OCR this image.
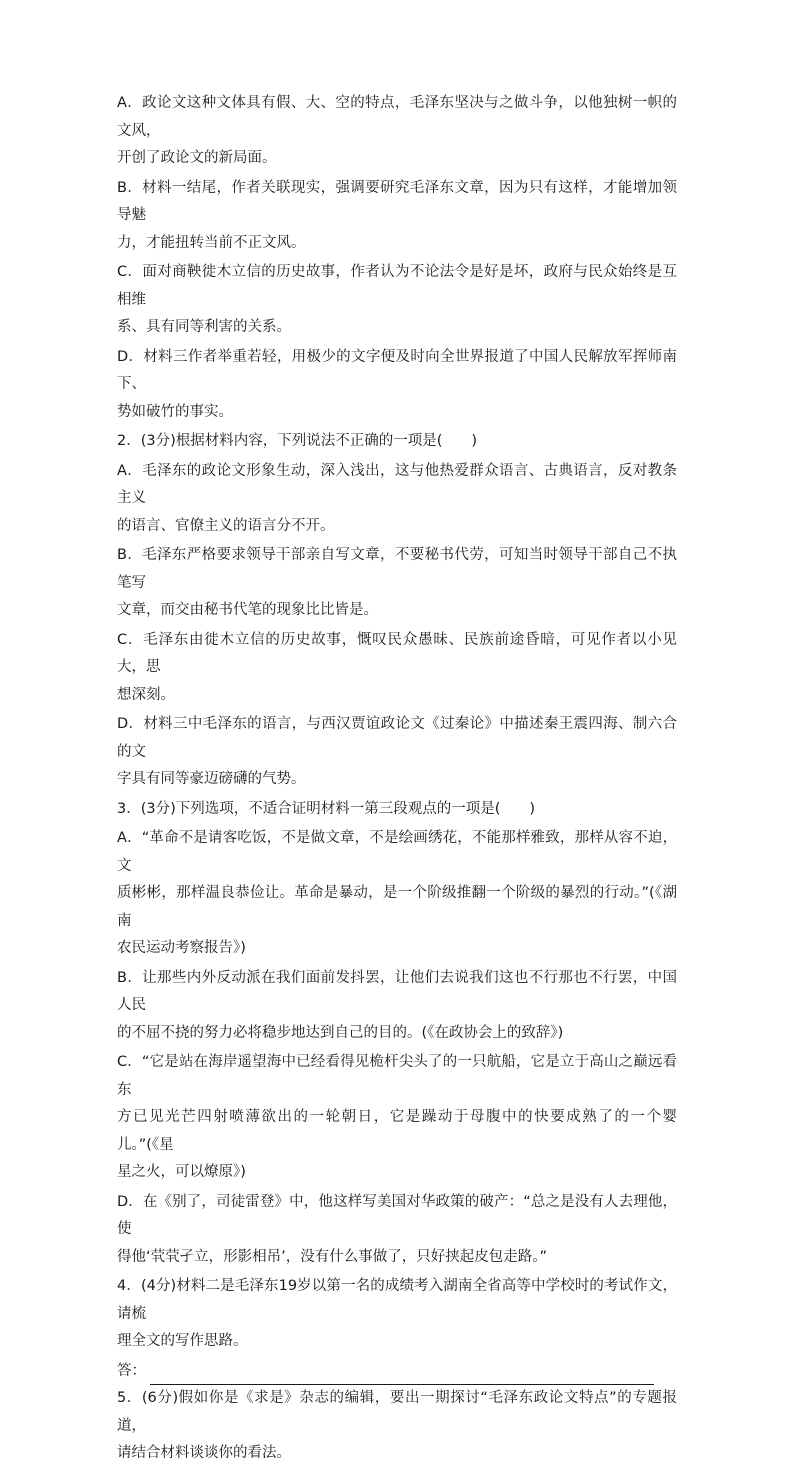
A．政论文这种文体具有假、大、空的特点，毛泽东坚决与之做斗争，以他独树一帜的文风，

开创了政论文的新局面。

B．材料一结尾，作者关联现实，强调要研究毛泽东文章，因为只有这样，才能增加领导魅

力，才能扭转当前不正文风。

C．面对商鞅徙木立信的历史故事，作者认为不论法令是好是坏，政府与民众始终是互相维

系、具有同等利害的关系。

D．材料三作者举重若轻，用极少的文字便及时向全世界报道了中国人民解放军挥师南下、

势如破竹的事实。

2．(3分)根据材料内容，下列说法不正确的一项是(　　)

A．毛泽东的政论文形象生动，深入浅出，这与他热爱群众语言、古典语言，反对教条主义

的语言、官僚主义的语言分不开。

B．毛泽东严格要求领导干部亲自写文章，不要秘书代劳，可知当时领导干部自己不执笔写

文章，而交由秘书代笔的现象比比皆是。

C．毛泽东由徙木立信的历史故事，慨叹民众愚昧、民族前途昏暗，可见作者以小见大，思

想深刻。

D．材料三中毛泽东的语言，与西汉贾谊政论文《过秦论》中描述秦王震四海、制六合的文

字具有同等豪迈磅礴的气势。

3．(3分)下列选项，不适合证明材料一第三段观点的一项是(　　)

A．“革命不是请客吃饭，不是做文章，不是绘画绣花，不能那样雅致，那样从容不迫，文

质彬彬，那样温良恭俭让。革命是暴动，是一个阶级推翻一个阶级的暴烈的行动。”(《湖南

农民运动考察报告》)

B．让那些内外反动派在我们面前发抖罢，让他们去说我们这也不行那也不行罢，中国人民

的不屈不挠的努力必将稳步地达到自己的目的。(《在政协会上的致辞》)

C．“它是站在海岸遥望海中已经看得见桅杆尖头了的一只航船，它是立于高山之巅远看东

方已见光芒四射喷薄欲出的一轮朝日，它是躁动于母腹中的快要成熟了的一个婴儿。”(《星

星之火，可以燎原》)

D．在《别了，司徒雷登》中，他这样写美国对华政策的破产：“总之是没有人去理他，使

得他‘茕茕孑立，形影相吊’，没有什么事做了，只好挟起皮包走路。”

4．(4分)材料二是毛泽东19岁以第一名的成绩考入湖南全省高等中学校时的考试作文，请梳

理全文的写作思路。

答：

5．(6分)假如你是《求是》杂志的编辑，要出一期探讨“毛泽东政论文特点”的专题报道，

请结合材料谈谈你的看法。
